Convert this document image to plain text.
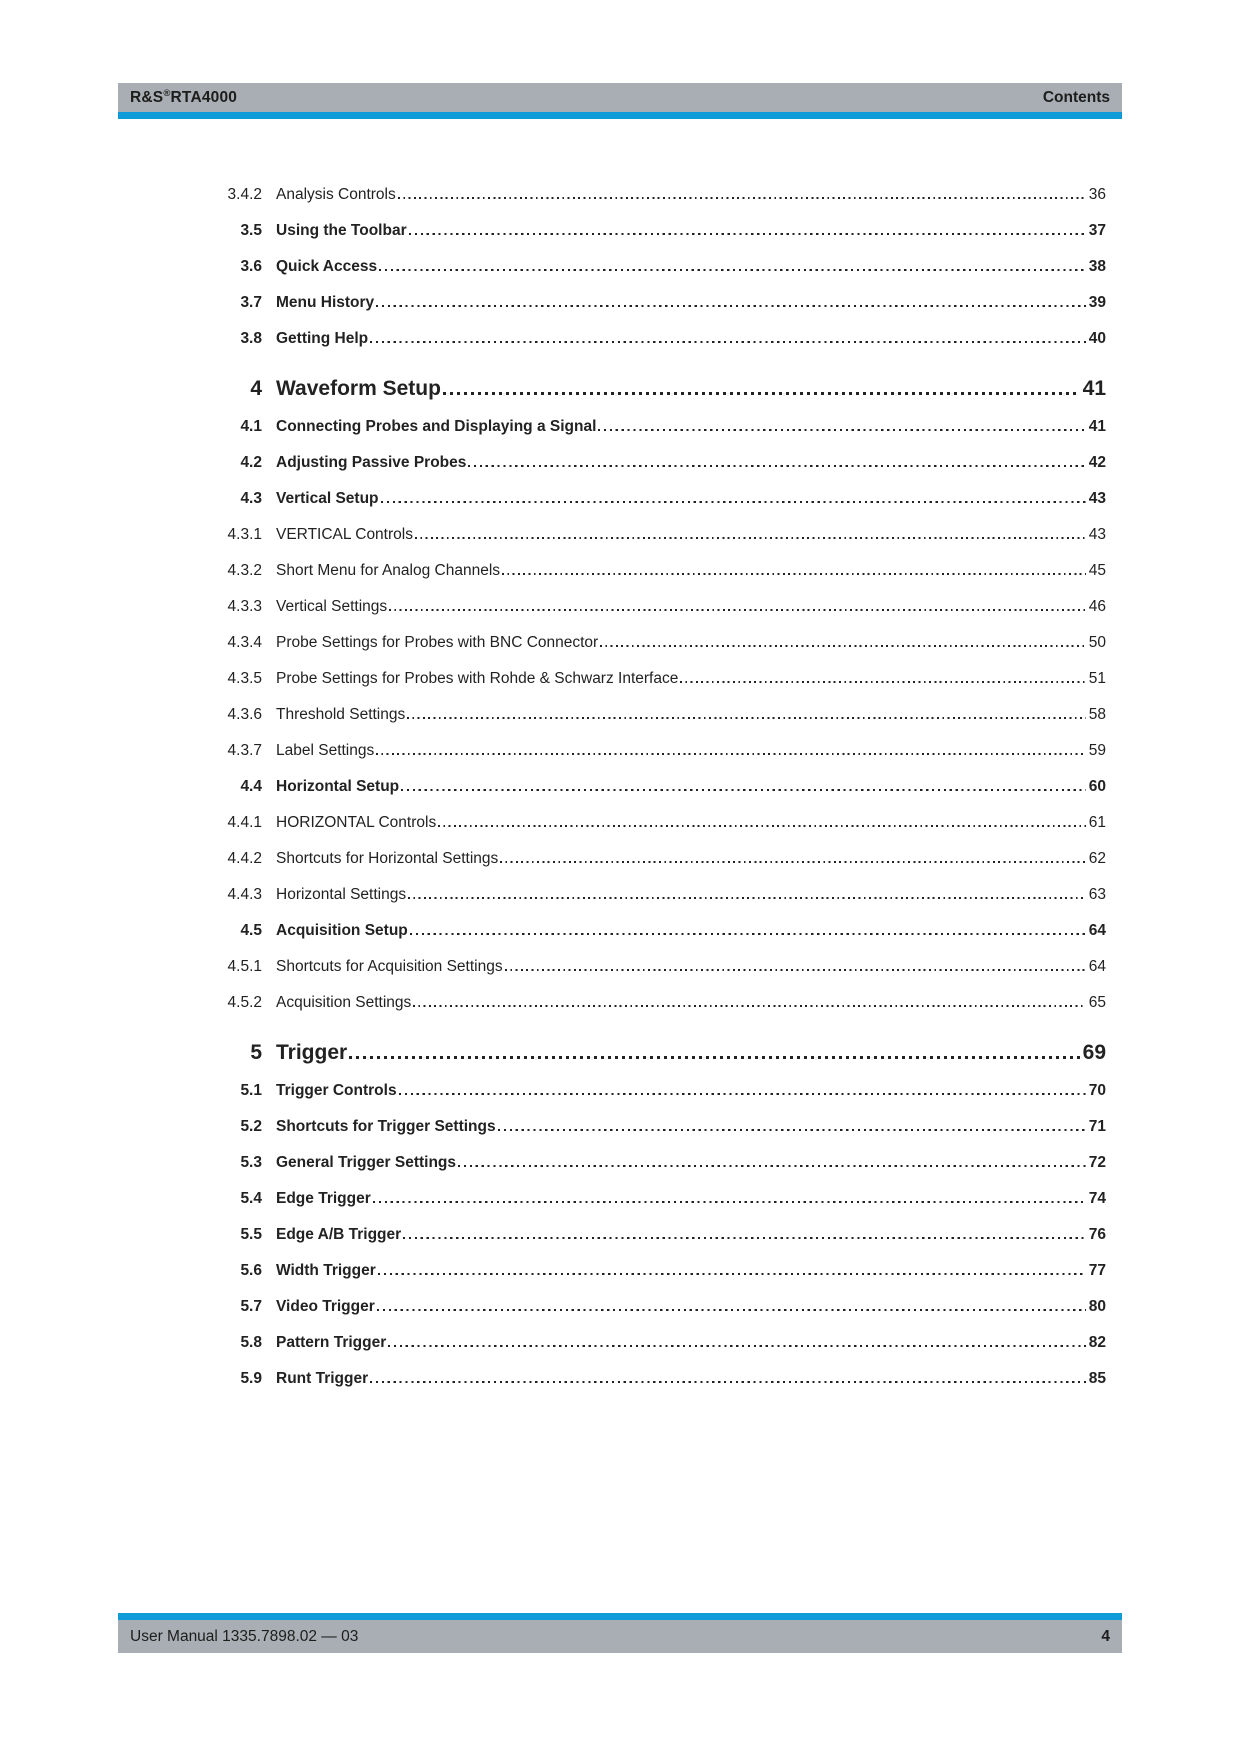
R&S®RTA4000	Contents
3.4.2 Analysis Controls	36
3.5 Using the Toolbar	37
3.6 Quick Access	38
3.7 Menu History	39
3.8 Getting Help	40
4 Waveform Setup	41
4.1 Connecting Probes and Displaying a Signal	41
4.2 Adjusting Passive Probes	42
4.3 Vertical Setup	43
4.3.1 VERTICAL Controls	43
4.3.2 Short Menu for Analog Channels	45
4.3.3 Vertical Settings	46
4.3.4 Probe Settings for Probes with BNC Connector	50
4.3.5 Probe Settings for Probes with Rohde & Schwarz Interface	51
4.3.6 Threshold Settings	58
4.3.7 Label Settings	59
4.4 Horizontal Setup	60
4.4.1 HORIZONTAL Controls	61
4.4.2 Shortcuts for Horizontal Settings	62
4.4.3 Horizontal Settings	63
4.5 Acquisition Setup	64
4.5.1 Shortcuts for Acquisition Settings	64
4.5.2 Acquisition Settings	65
5 Trigger	69
5.1 Trigger Controls	70
5.2 Shortcuts for Trigger Settings	71
5.3 General Trigger Settings	72
5.4 Edge Trigger	74
5.5 Edge A/B Trigger	76
5.6 Width Trigger	77
5.7 Video Trigger	80
5.8 Pattern Trigger	82
5.9 Runt Trigger	85
User Manual 1335.7898.02 — 03	4
